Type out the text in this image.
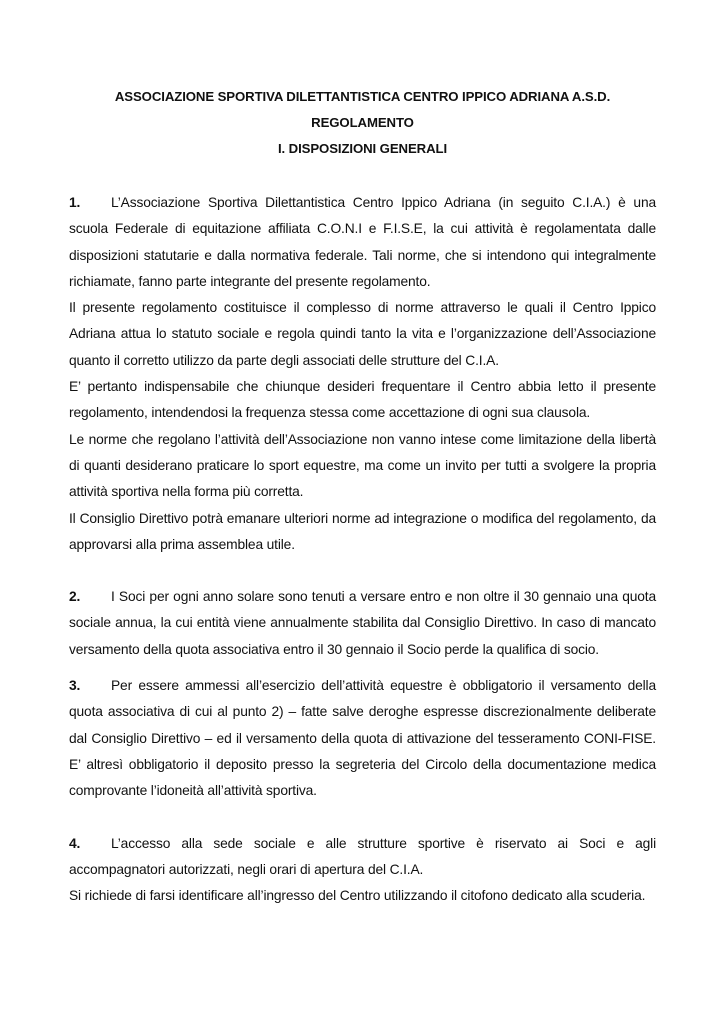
ASSOCIAZIONE SPORTIVA DILETTANTISTICA CENTRO IPPICO ADRIANA A.S.D.
REGOLAMENTO
I. DISPOSIZIONI GENERALI

1. L’Associazione Sportiva Dilettantistica Centro Ippico Adriana (in seguito C.I.A.) è una scuola Federale di equitazione affiliata C.O.N.I e F.I.S.E, la cui attività è regolamentata dalle disposizioni statutarie e dalla normativa federale. Tali norme, che si intendono qui integralmente richiamate, fanno parte integrante del presente regolamento.

Il presente regolamento costituisce il complesso di norme attraverso le quali il Centro Ippico Adriana attua lo statuto sociale e regola quindi tanto la vita e l’organizzazione dell’Associazione quanto il corretto utilizzo da parte degli associati delle strutture del C.I.A.

E’ pertanto indispensabile che chiunque desideri frequentare il Centro abbia letto il presente regolamento, intendendosi la frequenza stessa come accettazione di ogni sua clausola.

Le norme che regolano l’attività dell’Associazione non vanno intese come limitazione della libertà di quanti desiderano praticare lo sport equestre, ma come un invito per tutti a svolgere la propria attività sportiva nella forma più corretta.

Il Consiglio Direttivo potrà emanare ulteriori norme ad integrazione o modifica del regolamento, da approvarsi alla prima assemblea utile.

2. I Soci per ogni anno solare sono tenuti a versare entro e non oltre il 30 gennaio una quota sociale annua, la cui entità viene annualmente stabilita dal Consiglio Direttivo. In caso di mancato versamento della quota associativa entro il 30 gennaio il Socio perde la qualifica di socio.

3. Per essere ammessi all’esercizio dell’attività equestre è obbligatorio il versamento della quota associativa di cui al punto 2) – fatte salve deroghe espresse discrezionalmente deliberate dal Consiglio Direttivo – ed il versamento della quota di attivazione del tesseramento CONI-FISE. E’ altresì obbligatorio il deposito presso la segreteria del Circolo della documentazione medica comprovante l’idoneità all’attività sportiva.

4. L’accesso alla sede sociale e alle strutture sportive è riservato ai Soci e agli accompagnatori autorizzati, negli orari di apertura del C.I.A.

Si richiede di farsi identificare all’ingresso del Centro utilizzando il citofono dedicato alla scuderia.
